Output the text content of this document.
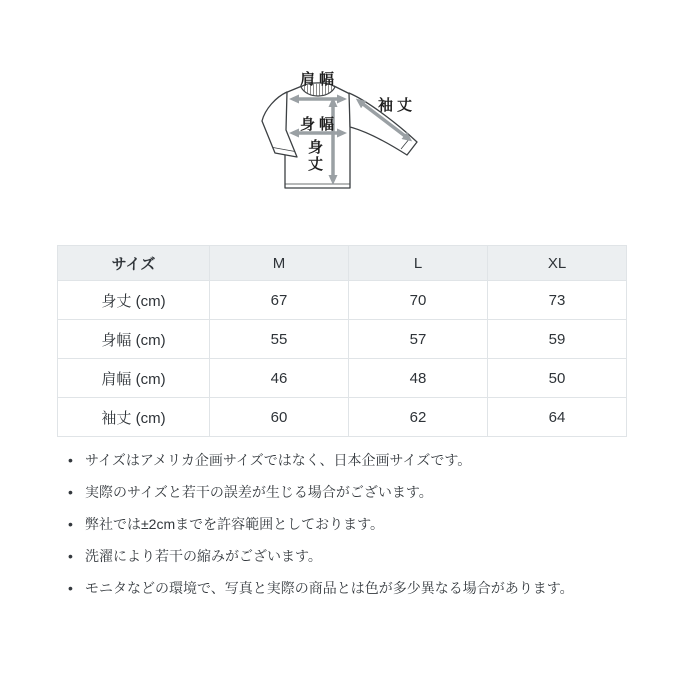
肩幅
袖丈
身幅
身丈
サイズ	M	L	XL
身丈 (cm)	67	70	73
身幅 (cm)	55	57	59
肩幅 (cm)	46	48	50
袖丈 (cm)	60	62	64
• サイズはアメリカ企画サイズではなく、日本企画サイズです。
• 実際のサイズと若干の誤差が生じる場合がございます。
• 弊社では±2cmまでを許容範囲としております。
• 洗濯により若干の縮みがございます。
• モニタなどの環境で、写真と実際の商品とは色が多少異なる場合があります。
